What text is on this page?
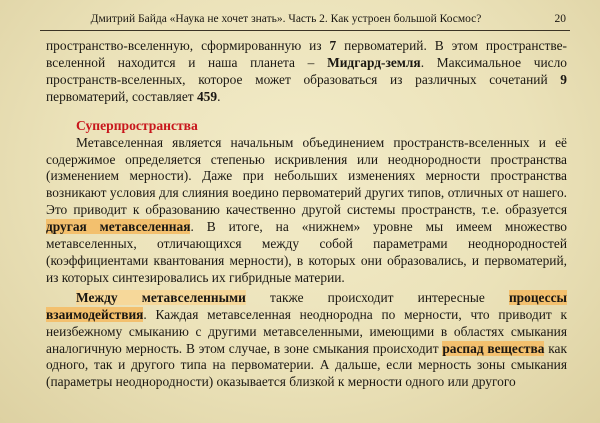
Дмитрий Байда «Наука не хочет знать». Часть 2. Как устроен большой Космос?	20

пространство-вселенную, сформированную из 7 первоматерий. В этом пространстве-вселенной находится и наша планета – Мидгард-земля. Максимальное число пространств-вселенных, которое может образоваться из различных сочетаний 9 первоматерий, составляет 459.

Суперпространства

Метавселенная является начальным объединением пространств-вселенных и её содержимое определяется степенью искривления или неоднородности пространства (изменением мерности). Даже при небольших изменениях мерности пространства возникают условия для слияния воедино первоматерий других типов, отличных от нашего. Это приводит к образованию качественно другой системы пространств, т.е. образуется другая метавселенная. В итоге, на «нижнем» уровне мы имеем множество метавселенных, отличающихся между собой параметрами неоднородностей (коэффициентами квантования мерности), в которых они образовались, и первоматерий, из которых синтезировались их гибридные материи.

Между метавселенными также происходит интересные процессы взаимодействия. Каждая метавселенная неоднородна по мерности, что приводит к неизбежному смыканию с другими метавселенными, имеющими в областях смыкания аналогичную мерность. В этом случае, в зоне смыкания происходит распад вещества как одного, так и другого типа на первоматерии. А дальше, если мерность зоны смыкания (параметры неоднородности) оказывается близкой к мерности одного или другого
